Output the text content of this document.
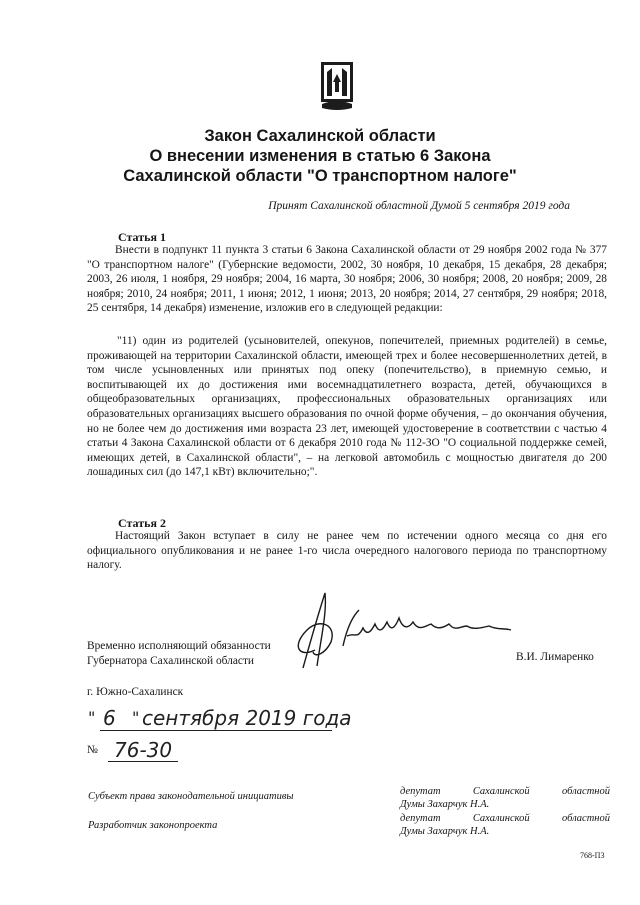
Закон Сахалинской области
О внесении изменения в статью 6 Закона
Сахалинской области "О транспортном налоге"
Принят Сахалинской областной Думой 5 сентября 2019 года
Статья 1
Внести в подпункт 11 пункта 3 статьи 6 Закона Сахалинской области от 29 ноября 2002 года № 377 "О транспортном налоге" (Губернские ведомости, 2002, 30 ноября, 10 декабря, 15 декабря, 28 декабря; 2003, 26 июля, 1 ноября, 29 ноября; 2004, 16 марта, 30 ноября; 2006, 30 ноября; 2008, 20 ноября; 2009, 28 ноября; 2010, 24 ноября; 2011, 1 июня; 2012, 1 июня; 2013, 20 ноября; 2014, 27 сентября, 29 ноября; 2018, 25 сентября, 14 декабря) изменение, изложив его в следующей редакции:

"11) один из родителей (усыновителей, опекунов, попечителей, приемных родителей) в семье, проживающей на территории Сахалинской области, имеющей трех и более несовершеннолетних детей, в том числе усыновленных или принятых под опеку (попечительство), в приемную семью, и воспитывающей их до достижения ими восемнадцатилетнего возраста, детей, обучающихся в общеобразовательных организациях, профессиональных образовательных организациях или образовательных организациях высшего образования по очной форме обучения, – до окончания обучения, но не более чем до достижения ими возраста 23 лет, имеющей удостоверение в соответствии с частью 4 статьи 4 Закона Сахалинской области от 6 декабря 2010 года № 112-ЗО "О социальной поддержке семей, имеющих детей, в Сахалинской области", – на легковой автомобиль с мощностью двигателя до 200 лошадиных сил (до 147,1 кВт) включительно;".

Статья 2
Настоящий Закон вступает в силу не ранее чем по истечении одного месяца со дня его официального опубликования и не ранее 1-го числа очередного налогового периода по транспортному налогу.
Временно исполняющий обязанности
Губернатора Сахалинской области	В.И. Лимаренко
г. Южно-Сахалинск
" 6 " сентября 2019 года
№ 76-30
Субъект права законодательной инициативы	депутат Сахалинской областной
Думы Захарчук Н.А.
Разработчик законопроекта
депутат Сахалинской областной
Думы Захарчук Н.А.
768-П3
